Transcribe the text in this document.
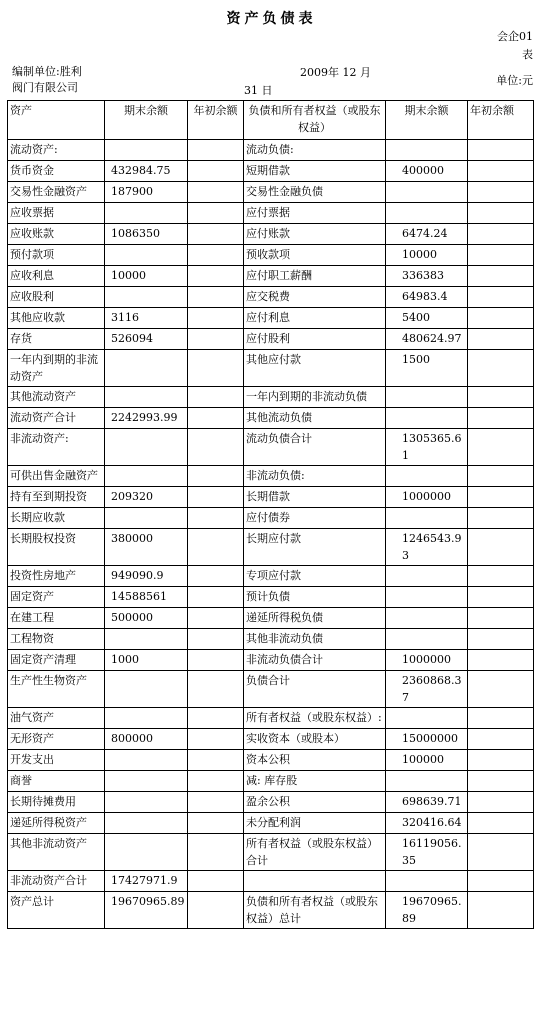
资产负债表
会企01
表
编制单位:胜利
阀门有限公司
2009年 12 月
31 日
单位:元
资产	期末余额	年初余额	负债和所有者权益（或股东权益）	期末余额	年初余额
流动资产:			流动负债:		
货币资金	432984.75		短期借款	400000	
交易性金融资产	187900		交易性金融负债		
应收票据			应付票据		
应收账款	1086350		应付账款	6474.24	
预付款项			预收款项	10000	
应收利息	10000		应付职工薪酬	336383	
应收股利			应交税费	64983.4	
其他应收款	3116		应付利息	5400	
存货	526094		应付股利	480624.97	
一年内到期的非流动资产			其他应付款	1500	
其他流动资产			一年内到期的非流动负债		
流动资产合计	2242993.99		其他流动负债		
非流动资产:			流动负债合计	1305365.61	
可供出售金融资产			非流动负债:		
持有至到期投资	209320		长期借款	1000000	
长期应收款			应付债券		
长期股权投资	380000		长期应付款	1246543.93	
投资性房地产	949090.9		专项应付款		
固定资产	14588561		预计负债		
在建工程	500000		递延所得税负债		
工程物资			其他非流动负债		
固定资产清理	1000		非流动负债合计	1000000	
生产性生物资产			负债合计	2360868.37	
油气资产			所有者权益（或股东权益）:		
无形资产	800000		实收资本（或股本）	15000000	
开发支出			资本公积	100000	
商誉			减: 库存股		
长期待摊费用			盈余公积	698639.71	
递延所得税资产			未分配利润	320416.64	
其他非流动资产			所有者权益（或股东权益）合计	16119056.35	
非流动资产合计	17427971.9				
资产总计	19670965.89		负债和所有者权益（或股东权益）总计	19670965.89	
